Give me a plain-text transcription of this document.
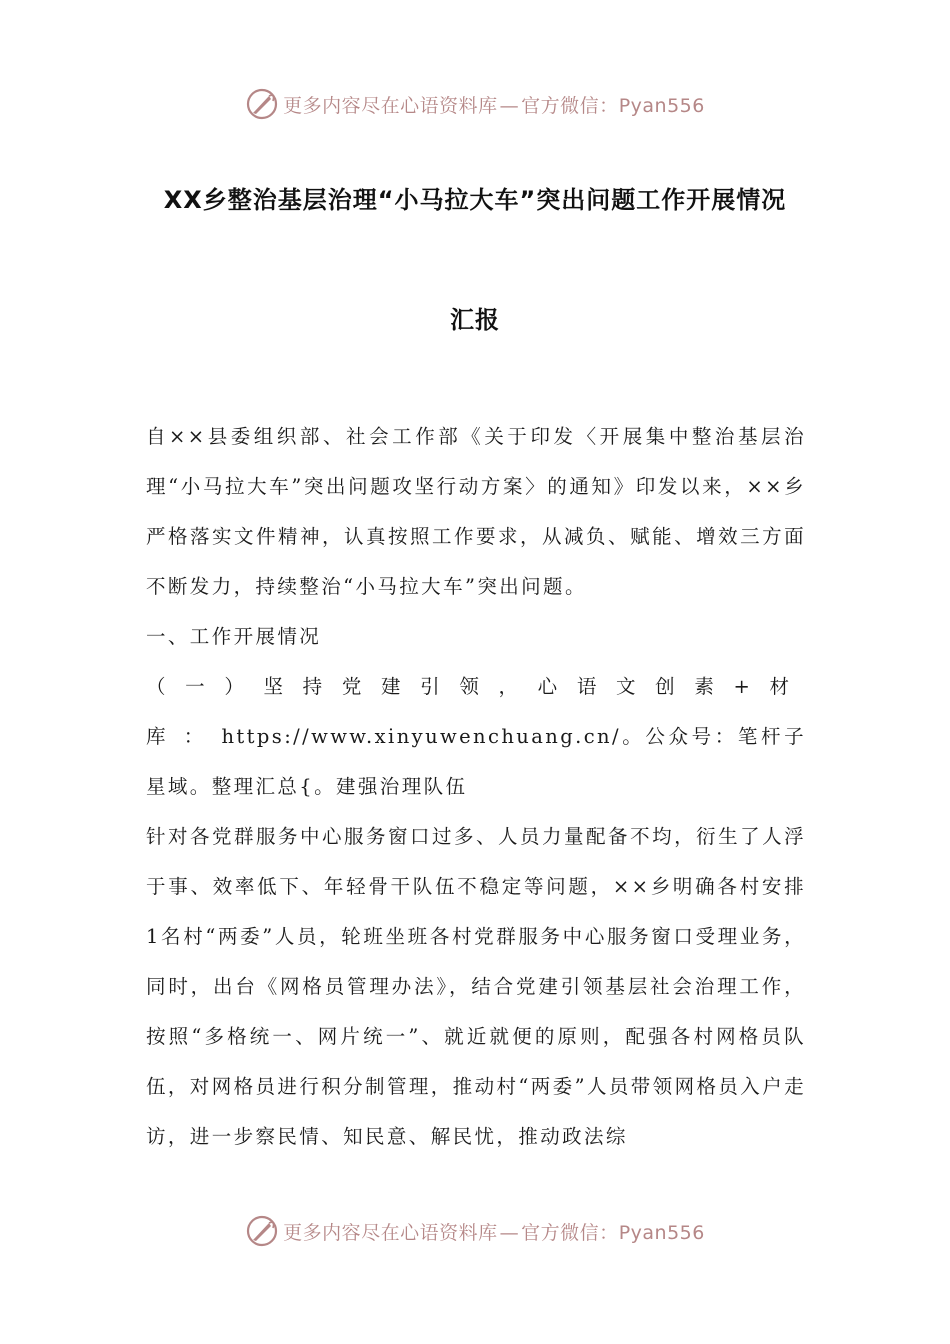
更多内容尽在心语资料库 — 官方微信：Pyan556
XX乡整治基层治理“小马拉大车”突出问题工作开展情况
汇报

自××县委组织部、社会工作部《关于印发〈开展集中整治基层治理“小马拉大车”突出问题攻坚行动方案〉的通知》印发以来，××乡严格落实文件精神，认真按照工作要求，从减负、赋能、增效三方面不断发力，持续整治“小马拉大车”突出问题。

一、工作开展情况

（一）坚持党建引领，心语文创素+材库：https://www.xinyuwenchuang.cn/。公众号：笔杆子星域。整理汇总{。建强治理队伍

针对各党群服务中心服务窗口过多、人员力量配备不均，衍生了人浮于事、效率低下、年轻骨干队伍不稳定等问题，××乡明确各村安排1名村“两委”人员，轮班坐班各村党群服务中心服务窗口受理业务，同时，出台《网格员管理办法》，结合党建引领基层社会治理工作，按照“多格统一、网片统一”、就近就便的原则，配强各村网格员队伍，对网格员进行积分制管理，推动村“两委”人员带领网格员入户走访，进一步察民情、知民意、解民忧，推动政法综

更多内容尽在心语资料库 — 官方微信：Pyan556
